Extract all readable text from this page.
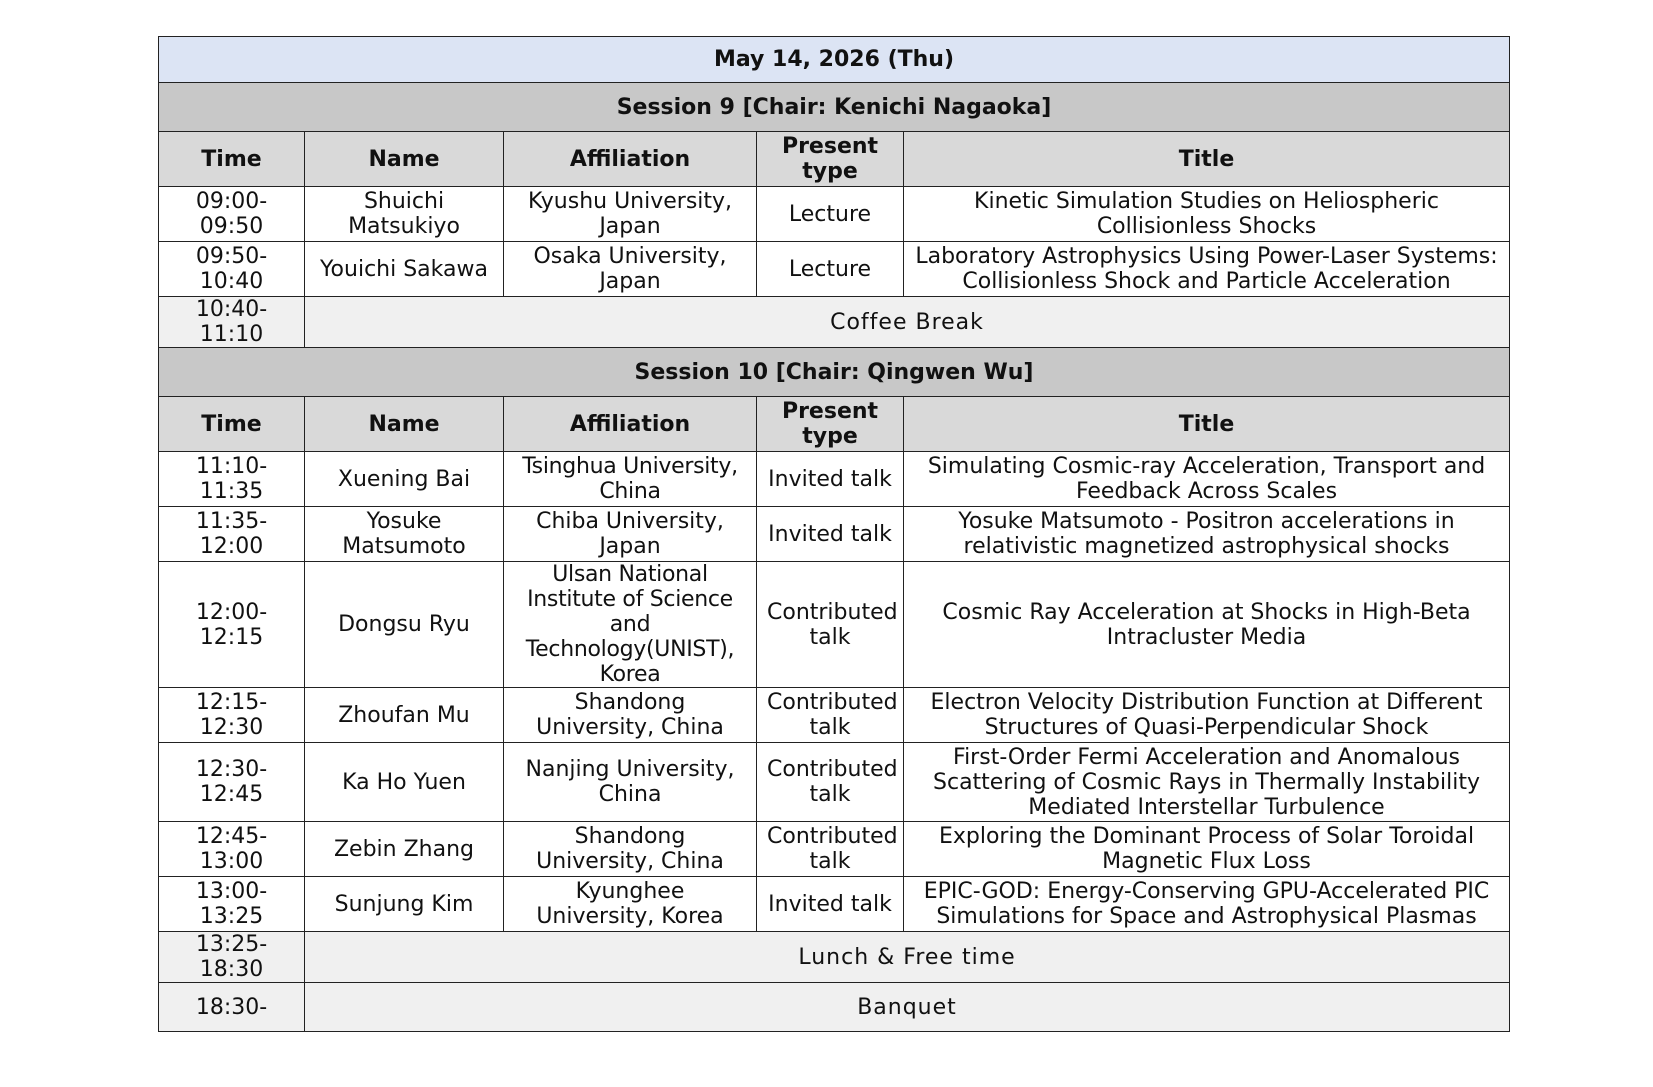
May 14, 2026 (Thu)				
Session 9 [Chair: Kenichi Nagaoka]				
Time	Name	Affiliation	Present type	Title
09:00-09:50	Shuichi Matsukiyo	Kyushu University, Japan	Lecture	Kinetic Simulation Studies on Heliospheric Collisionless Shocks
09:50-10:40	Youichi Sakawa	Osaka University, Japan	Lecture	Laboratory Astrophysics Using Power-Laser Systems: Collisionless Shock and Particle Acceleration
10:40-11:10	Coffee Break			
Session 10 [Chair: Qingwen Wu]				
Time	Name	Affiliation	Present type	Title
11:10-11:35	Xuening Bai	Tsinghua University, China	Invited talk	Simulating Cosmic-ray Acceleration, Transport and Feedback Across Scales
11:35-12:00	Yosuke Matsumoto	Chiba University, Japan	Invited talk	Yosuke Matsumoto - Positron accelerations in relativistic magnetized astrophysical shocks
12:00-12:15	Dongsu Ryu	Ulsan National Institute of Science and Technology(UNIST), Korea	Contributed talk	Cosmic Ray Acceleration at Shocks in High-Beta Intracluster Media
12:15-12:30	Zhoufan Mu	Shandong University, China	Contributed talk	Electron Velocity Distribution Function at Different Structures of Quasi-Perpendicular Shock
12:30-12:45	Ka Ho Yuen	Nanjing University, China	Contributed talk	First-Order Fermi Acceleration and Anomalous Scattering of Cosmic Rays in Thermally Instability Mediated Interstellar Turbulence
12:45-13:00	Zebin Zhang	Shandong University, China	Contributed talk	Exploring the Dominant Process of Solar Toroidal Magnetic Flux Loss
13:00-13:25	Sunjung Kim	Kyunghee University, Korea	Invited talk	EPIC-GOD: Energy-Conserving GPU-Accelerated PIC Simulations for Space and Astrophysical Plasmas
13:25-18:30	Lunch & Free time			
18:30-	Banquet			
